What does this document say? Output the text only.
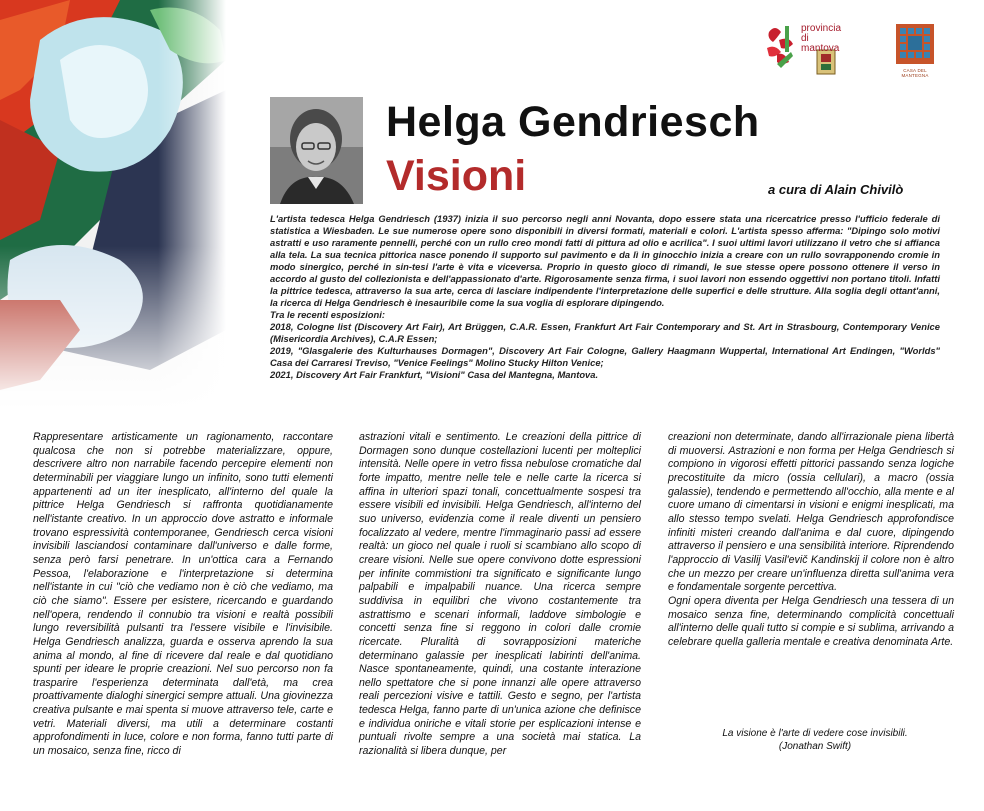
provincia
di mantova
CASA DEL MANTEGNA
Helga Gendriesch
Visioni	a cura di Alain Chivilò

L'artista tedesca Helga Gendriesch (1937) inizia il suo percorso negli anni Novanta, dopo essere stata una ricercatrice presso l'ufficio federale di statistica a Wiesbaden. Le sue numerose opere sono disponibili in diversi formati, materiali e colori. L'artista spesso afferma: "Dipingo solo motivi astratti e uso raramente pennelli, perché con un rullo creo mondi fatti di pittura ad olio e acrilica". I suoi ultimi lavori utilizzano il vetro che si affianca alla tela. La sua tecnica pittorica nasce ponendo il supporto sul pavimento e da lì in ginocchio inizia a creare con un rullo sovrapponendo cromie in modo sinergico, perché in sin-tesi l'arte è vita e viceversa. Proprio in questo gioco di rimandi, le sue stesse opere possono ottenere il verso in accordo al gusto del collezionista e dell'appassionato d'arte. Rigorosamente senza firma, i suoi lavori non essendo oggettivi non portano titoli. Infatti la pittrice tedesca, attraverso la sua arte, cerca di lasciare indipendente l'interpretazione delle superfici e delle strutture. Alla soglia degli ottant'anni, la ricerca di Helga Gendriesch è inesauribile come la sua voglia di esplorare dipingendo.

Tra le recenti esposizioni:

2018, Cologne list (Discovery Art Fair), Art Brüggen, C.A.R. Essen, Frankfurt Art Fair Contemporary and St. Art in Strasbourg, Contemporary Venice (Misericordia Archives), C.A.R Essen;

2019, "Glasgalerie des Kulturhauses Dormagen", Discovery Art Fair Cologne, Gallery Haagmann Wuppertal, International Art Endingen, "Worlds" Casa dei Carraresi Treviso, "Venice Feelings" Molino Stucky Hilton Venice;

2021, Discovery Art Fair Frankfurt, "Visioni" Casa del Mantegna, Mantova.

Rappresentare artisticamente un ragionamento, raccontare qualcosa che non si potrebbe materializzare, oppure, descrivere altro non narrabile facendo percepire elementi non determinabili per viaggiare lungo un infinito, sono tutti elementi appartenenti ad un iter inesplicato, all'interno del quale la pittrice Helga Gendriesch si raffronta quotidianamente nell'istante creativo. In un approccio dove astratto e informale trovano espressività contemporanee, Gendriesch cerca visioni invisibili lasciandosi contaminare dall'universo e dalle forme, senza però farsi penetrare. In un'ottica cara a Fernando Pessoa, l'elaborazione e l'interpretazione si determina nell'istante in cui "ciò che vediamo non è ciò che vediamo, ma ciò che siamo". Essere per esistere, ricercando e guardando nell'opera, rendendo il connubio tra visioni e realtà possibili lungo reversibilità pulsanti tra l'essere visibile e l'invisibile. Helga Gendriesch analizza, guarda e osserva aprendo la sua anima al mondo, al fine di ricevere dal reale e dal quotidiano spunti per ideare le proprie creazioni. Nel suo percorso non fa trasparire l'esperienza determinata dall'età, ma crea proattivamente dialoghi sinergici sempre attuali. Una giovinezza creativa pulsante e mai spenta si muove attraverso tele, carte e vetri. Materiali diversi, ma utili a determinare costanti approfondimenti in luce, colore e non forma, fanno tutti parte di un mosaico, senza fine, ricco di

astrazioni vitali e sentimento. Le creazioni della pittrice di Dormagen sono dunque costellazioni lucenti per molteplici intensità. Nelle opere in vetro fissa nebulose cromatiche dal forte impatto, mentre nelle tele e nelle carte la ricerca si affina in ulteriori spazi tonali, concettualmente sospesi tra essere visibili ed invisibili. Helga Gendriesch, all'interno del suo universo, evidenzia come il reale diventi un pensiero focalizzato al vedere, mentre l'immaginario passi ad essere realtà: un gioco nel quale i ruoli si scambiano allo scopo di creare visioni. Nelle sue opere convivono dotte espressioni per infinite commistioni tra significato e significante lungo palpabili e impalpabili nuance. Una ricerca sempre suddivisa in equilibri che vivono costantemente tra astrattismo e scenari informali, laddove simbologie e concetti senza fine si reggono in colori dalle cromie ricercate. Pluralità di sovrapposizioni materiche determinano galassie per inesplicati labirinti dell'anima. Nasce spontaneamente, quindi, una costante interazione nello spettatore che si pone innanzi alle opere attraverso reali percezioni visive e tattili. Gesto e segno, per l'artista tedesca Helga, fanno parte di un'unica azione che definisce e individua oniriche e vitali storie per esplicazioni intense e puntuali rivolte sempre a una società mai statica. La razionalità si libera dunque, per

creazioni non determinate, dando all'irrazionale piena libertà di muoversi. Astrazioni e non forma per Helga Gendriesch si compiono in vigorosi effetti pittorici passando senza logiche precostituite da micro (ossia cellulari), a macro (ossia galassie), tendendo e permettendo all'occhio, alla mente e al cuore umano di cimentarsi in visioni e enigmi inesplicati, ma allo stesso tempo svelati. Helga Gendriesch approfondisce infiniti misteri creando dall'anima e dal cuore, dipingendo attraverso il pensiero e una sensibilità interiore. Riprendendo l'approccio di Vasilij Vasil'evič Kandinskij il colore non è altro che un mezzo per creare un'influenza diretta sull'anima vera e fondamentale sorgente percettiva.

Ogni opera diventa per Helga Gendriesch una tessera di un mosaico senza fine, determinando complicità concettuali all'interno delle quali tutto si compie e si sublima, arrivando a celebrare quella galleria mentale e creativa denominata Arte.

La visione è l'arte di vedere cose invisibili.
(Jonathan Swift)
